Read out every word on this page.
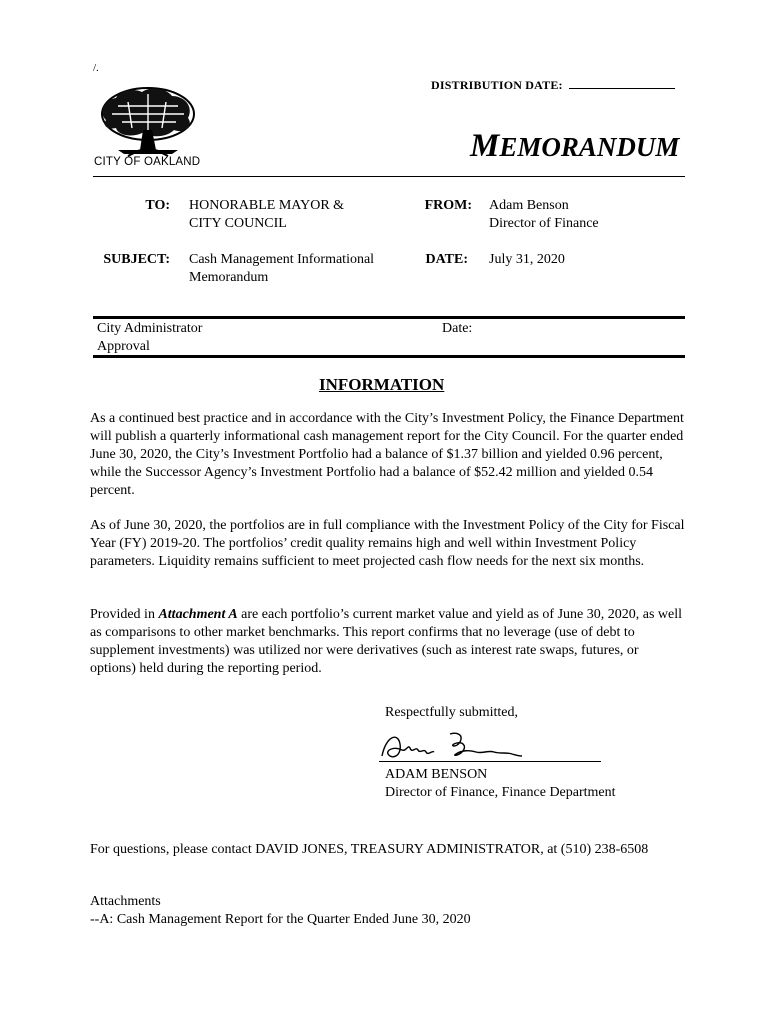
/.
DISTRIBUTION DATE:
CITY OF OAKLAND	MEMORANDUM
TO: HONORABLE MAYOR &
CITY COUNCIL
FROM: Adam Benson
Director of Finance
SUBJECT: Cash Management Informational
Memorandum
DATE: July 31, 2020
City Administrator
Approval
Date:
INFORMATION

As a continued best practice and in accordance with the City’s Investment Policy, the Finance Department will publish a quarterly informational cash management report for the City Council. For the quarter ended June 30, 2020, the City’s Investment Portfolio had a balance of $1.37 billion and yielded 0.96 percent, while the Successor Agency’s Investment Portfolio had a balance of $52.42 million and yielded 0.54 percent.

As of June 30, 2020, the portfolios are in full compliance with the Investment Policy of the City for Fiscal Year (FY) 2019-20. The portfolios’ credit quality remains high and well within Investment Policy parameters. Liquidity remains sufficient to meet projected cash flow needs for the next six months.

Provided in Attachment A are each portfolio’s current market value and yield as of June 30, 2020, as well as comparisons to other market benchmarks. This report confirms that no leverage (use of debt to supplement investments) was utilized nor were derivatives (such as interest rate swaps, futures, or options) held during the reporting period.

Respectfully submitted,
ADAM BENSON
Director of Finance, Finance Department

For questions, please contact DAVID JONES, TREASURY ADMINISTRATOR, at (510) 238-6508

Attachments
--A: Cash Management Report for the Quarter Ended June 30, 2020
